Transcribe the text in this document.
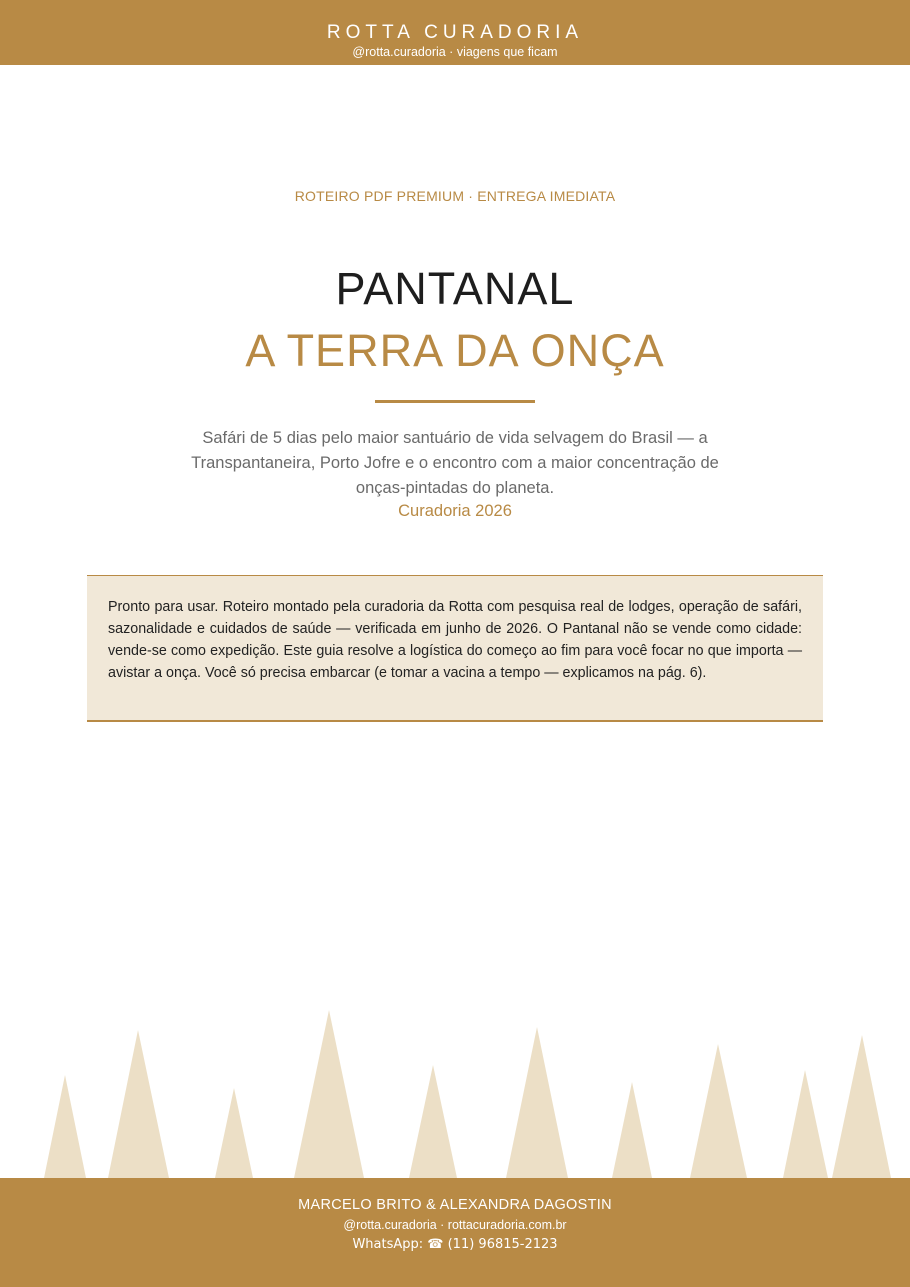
ROTTA CURADORIA
@rotta.curadoria · viagens que ficam
ROTEIRO PDF PREMIUM · ENTREGA IMEDIATA
PANTANAL
A TERRA DA ONÇA
Safári de 5 dias pelo maior santuário de vida selvagem do Brasil — a Transpantaneira, Porto Jofre e o encontro com a maior concentração de onças-pintadas do planeta.
Curadoria 2026
Pronto para usar. Roteiro montado pela curadoria da Rotta com pesquisa real de lodges, operação de safári, sazonalidade e cuidados de saúde — verificada em junho de 2026. O Pantanal não se vende como cidade: vende-se como expedição. Este guia resolve a logística do começo ao fim para você focar no que importa — avistar a onça. Você só precisa embarcar (e tomar a vacina a tempo — explicamos na pág. 6).
MARCELO BRITO & ALEXANDRA DAGOSTIN
@rotta.curadoria · rottacuradoria.com.br
WhatsApp: ☎ (11) 96815-2123
